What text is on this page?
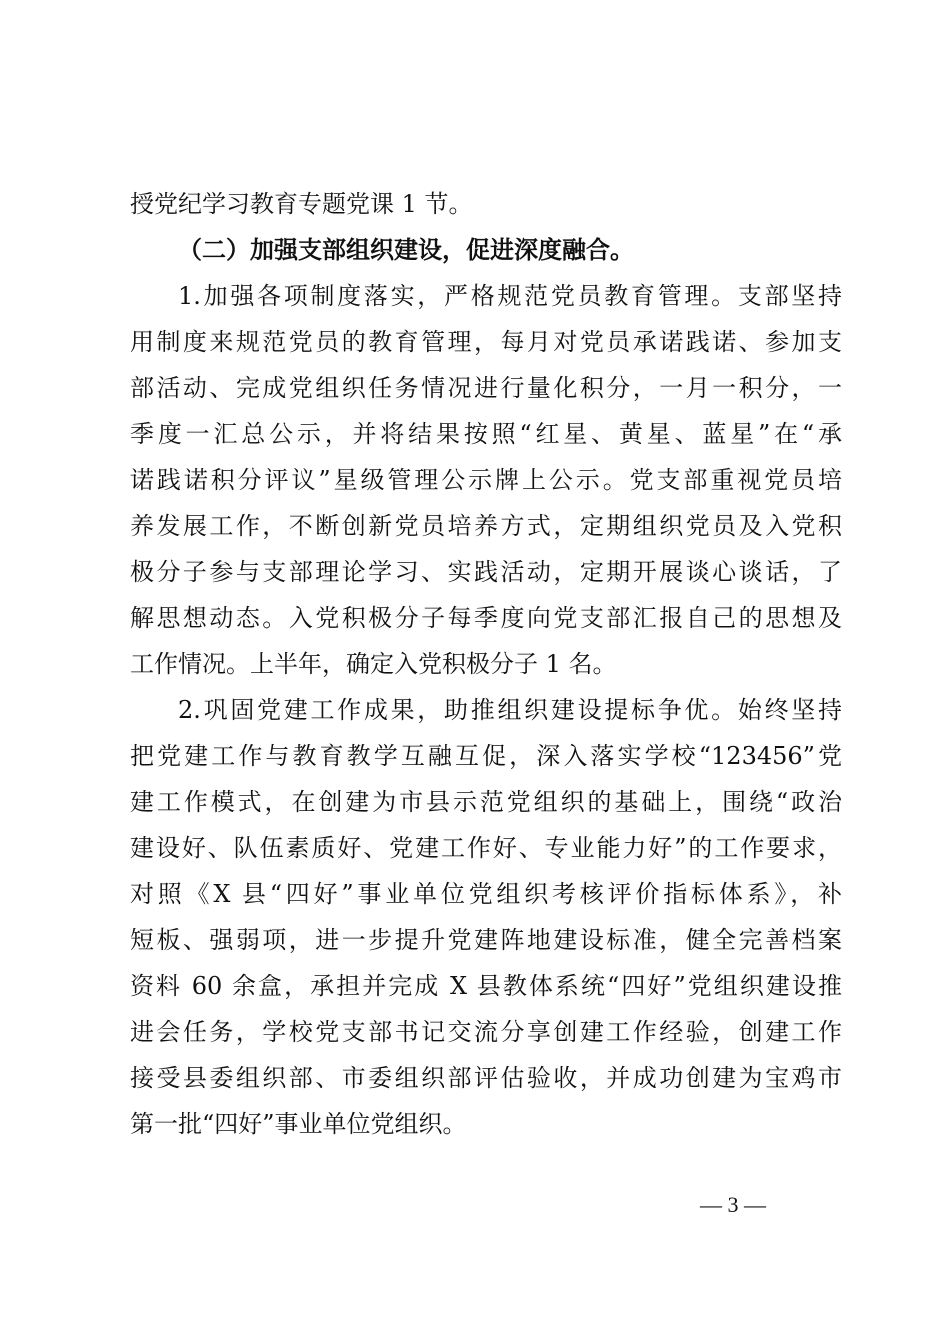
授党纪学习教育专题党课 1 节。
（二）加强支部组织建设，促进深度融合。
1.加强各项制度落实，严格规范党员教育管理。支部坚持
用制度来规范党员的教育管理，每月对党员承诺践诺、参加支
部活动、完成党组织任务情况进行量化积分，一月一积分，一
季度一汇总公示，并将结果按照“红星、黄星、蓝星”在“承
诺践诺积分评议”星级管理公示牌上公示。党支部重视党员培
养发展工作，不断创新党员培养方式，定期组织党员及入党积
极分子参与支部理论学习、实践活动，定期开展谈心谈话，了
解思想动态。入党积极分子每季度向党支部汇报自己的思想及
工作情况。上半年，确定入党积极分子 1 名。
2.巩固党建工作成果，助推组织建设提标争优。始终坚持
把党建工作与教育教学互融互促，深入落实学校“123456”党
建工作模式，在创建为市县示范党组织的基础上，围绕“政治
建设好、队伍素质好、党建工作好、专业能力好”的工作要求，
对照《X 县“四好”事业单位党组织考核评价指标体系》，补
短板、强弱项，进一步提升党建阵地建设标准，健全完善档案
资料 60 余盒，承担并完成 X 县教体系统“四好”党组织建设推
进会任务，学校党支部书记交流分享创建工作经验，创建工作
接受县委组织部、市委组织部评估验收，并成功创建为宝鸡市
第一批“四好”事业单位党组织。
— 3 —
